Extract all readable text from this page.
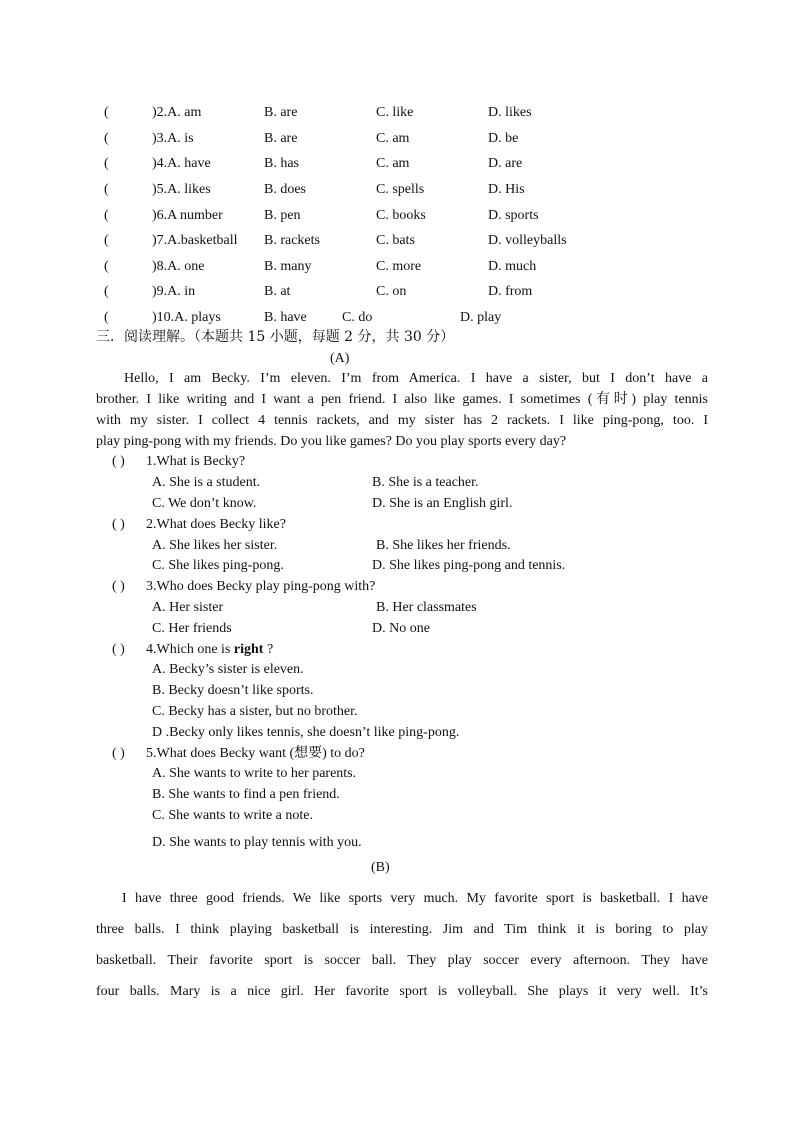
(	)2.A. am	B. are	C. like	D. likes
(	)3.A. is	B. are	C. am	D. be
(	)4.A. have	B. has	C. am	D. are
(	)5.A. likes	B. does	C. spells	D. His
(	)6.A number	B. pen	C. books	D. sports
(	)7.A.basketball B. rackets	C. bats	D. volleyballs
(	)8.A. one	B. many	C. more	D. much
(	)9.A. in	B. at	C. on	D. from
(	)10.A. plays	B. have	C. do	D. play
三．阅读理解。（本题共 15 小题，每题 2 分，共 30 分）
(A)
Hello, I am Becky. I’m eleven. I’m from America. I have a sister, but I don’t have a
brother. I like writing and I want a pen friend. I also like games. I sometimes (有时) play tennis
with my sister. I collect 4 tennis rackets, and my sister has 2 rackets. I like ping-pong, too. I
play ping-pong with my friends. Do you like games? Do you play sports every day?
( ) 1.What is Becky?
A. She is a student.	B. She is a teacher.
C. We don’t know.	D. She is an English girl.
( ) 2.What does Becky like?
A. She likes her sister.	B. She likes her friends.
C. She likes ping-pong.	D. She likes ping-pong and tennis.
( ) 3.Who does Becky play ping-pong with?
A. Her sister	B. Her classmates
C. Her friends	D. No one
( ) 4.Which one is right ?
A. Becky’s sister is eleven.
B. Becky doesn’t like sports.
C. Becky has a sister, but no brother.
D .Becky only likes tennis, she doesn’t like ping-pong.
( ) 5.What does Becky want (想要) to do?
A. She wants to write to her parents.
B. She wants to find a pen friend.
C. She wants to write a note.
D. She wants to play tennis with you.
(B)
I have three good friends. We like sports very much. My favorite sport is basketball. I have
three balls. I think playing basketball is interesting. Jim and Tim think it is boring to play
basketball. Their favorite sport is soccer ball. They play soccer every afternoon. They have
four balls. Mary is a nice girl. Her favorite sport is volleyball. She plays it very well. It’s
